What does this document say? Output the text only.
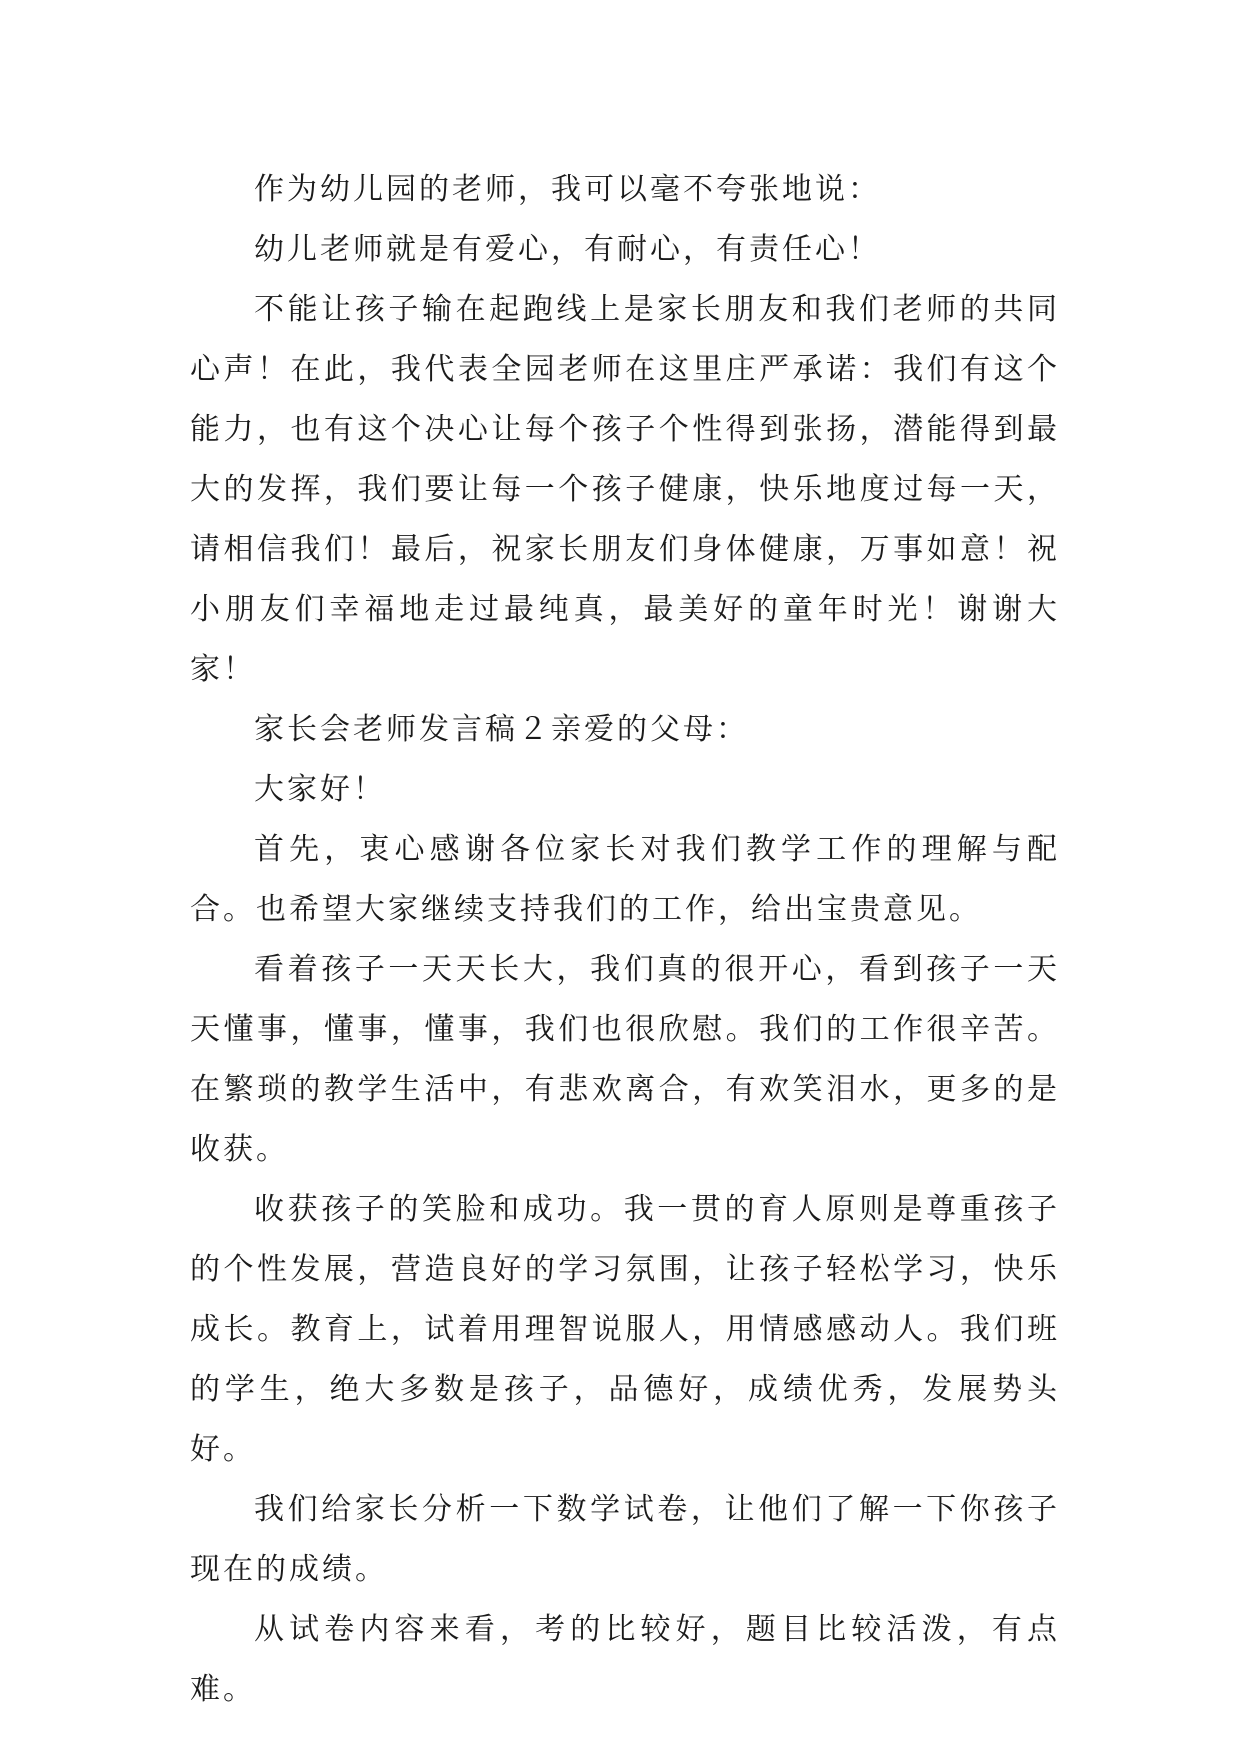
作为幼儿园的老师，我可以毫不夸张地说：

幼儿老师就是有爱心，有耐心，有责任心！

不能让孩子输在起跑线上是家长朋友和我们老师的共同心声！在此，我代表全园老师在这里庄严承诺：我们有这个能力，也有这个决心让每个孩子个性得到张扬，潜能得到最大的发挥，我们要让每一个孩子健康，快乐地度过每一天，请相信我们！最后，祝家长朋友们身体健康，万事如意！祝小朋友们幸福地走过最纯真，最美好的童年时光！谢谢大家！

家长会老师发言稿２亲爱的父母：

大家好！

首先，衷心感谢各位家长对我们教学工作的理解与配合。也希望大家继续支持我们的工作，给出宝贵意见。

看着孩子一天天长大，我们真的很开心，看到孩子一天天懂事，懂事，懂事，我们也很欣慰。我们的工作很辛苦。在繁琐的教学生活中，有悲欢离合，有欢笑泪水，更多的是收获。

收获孩子的笑脸和成功。我一贯的育人原则是尊重孩子的个性发展，营造良好的学习氛围，让孩子轻松学习，快乐成长。教育上，试着用理智说服人，用情感感动人。我们班的学生，绝大多数是孩子，品德好，成绩优秀，发展势头好。

我们给家长分析一下数学试卷，让他们了解一下你孩子现在的成绩。

从试卷内容来看，考的比较好，题目比较活泼，有点难。
